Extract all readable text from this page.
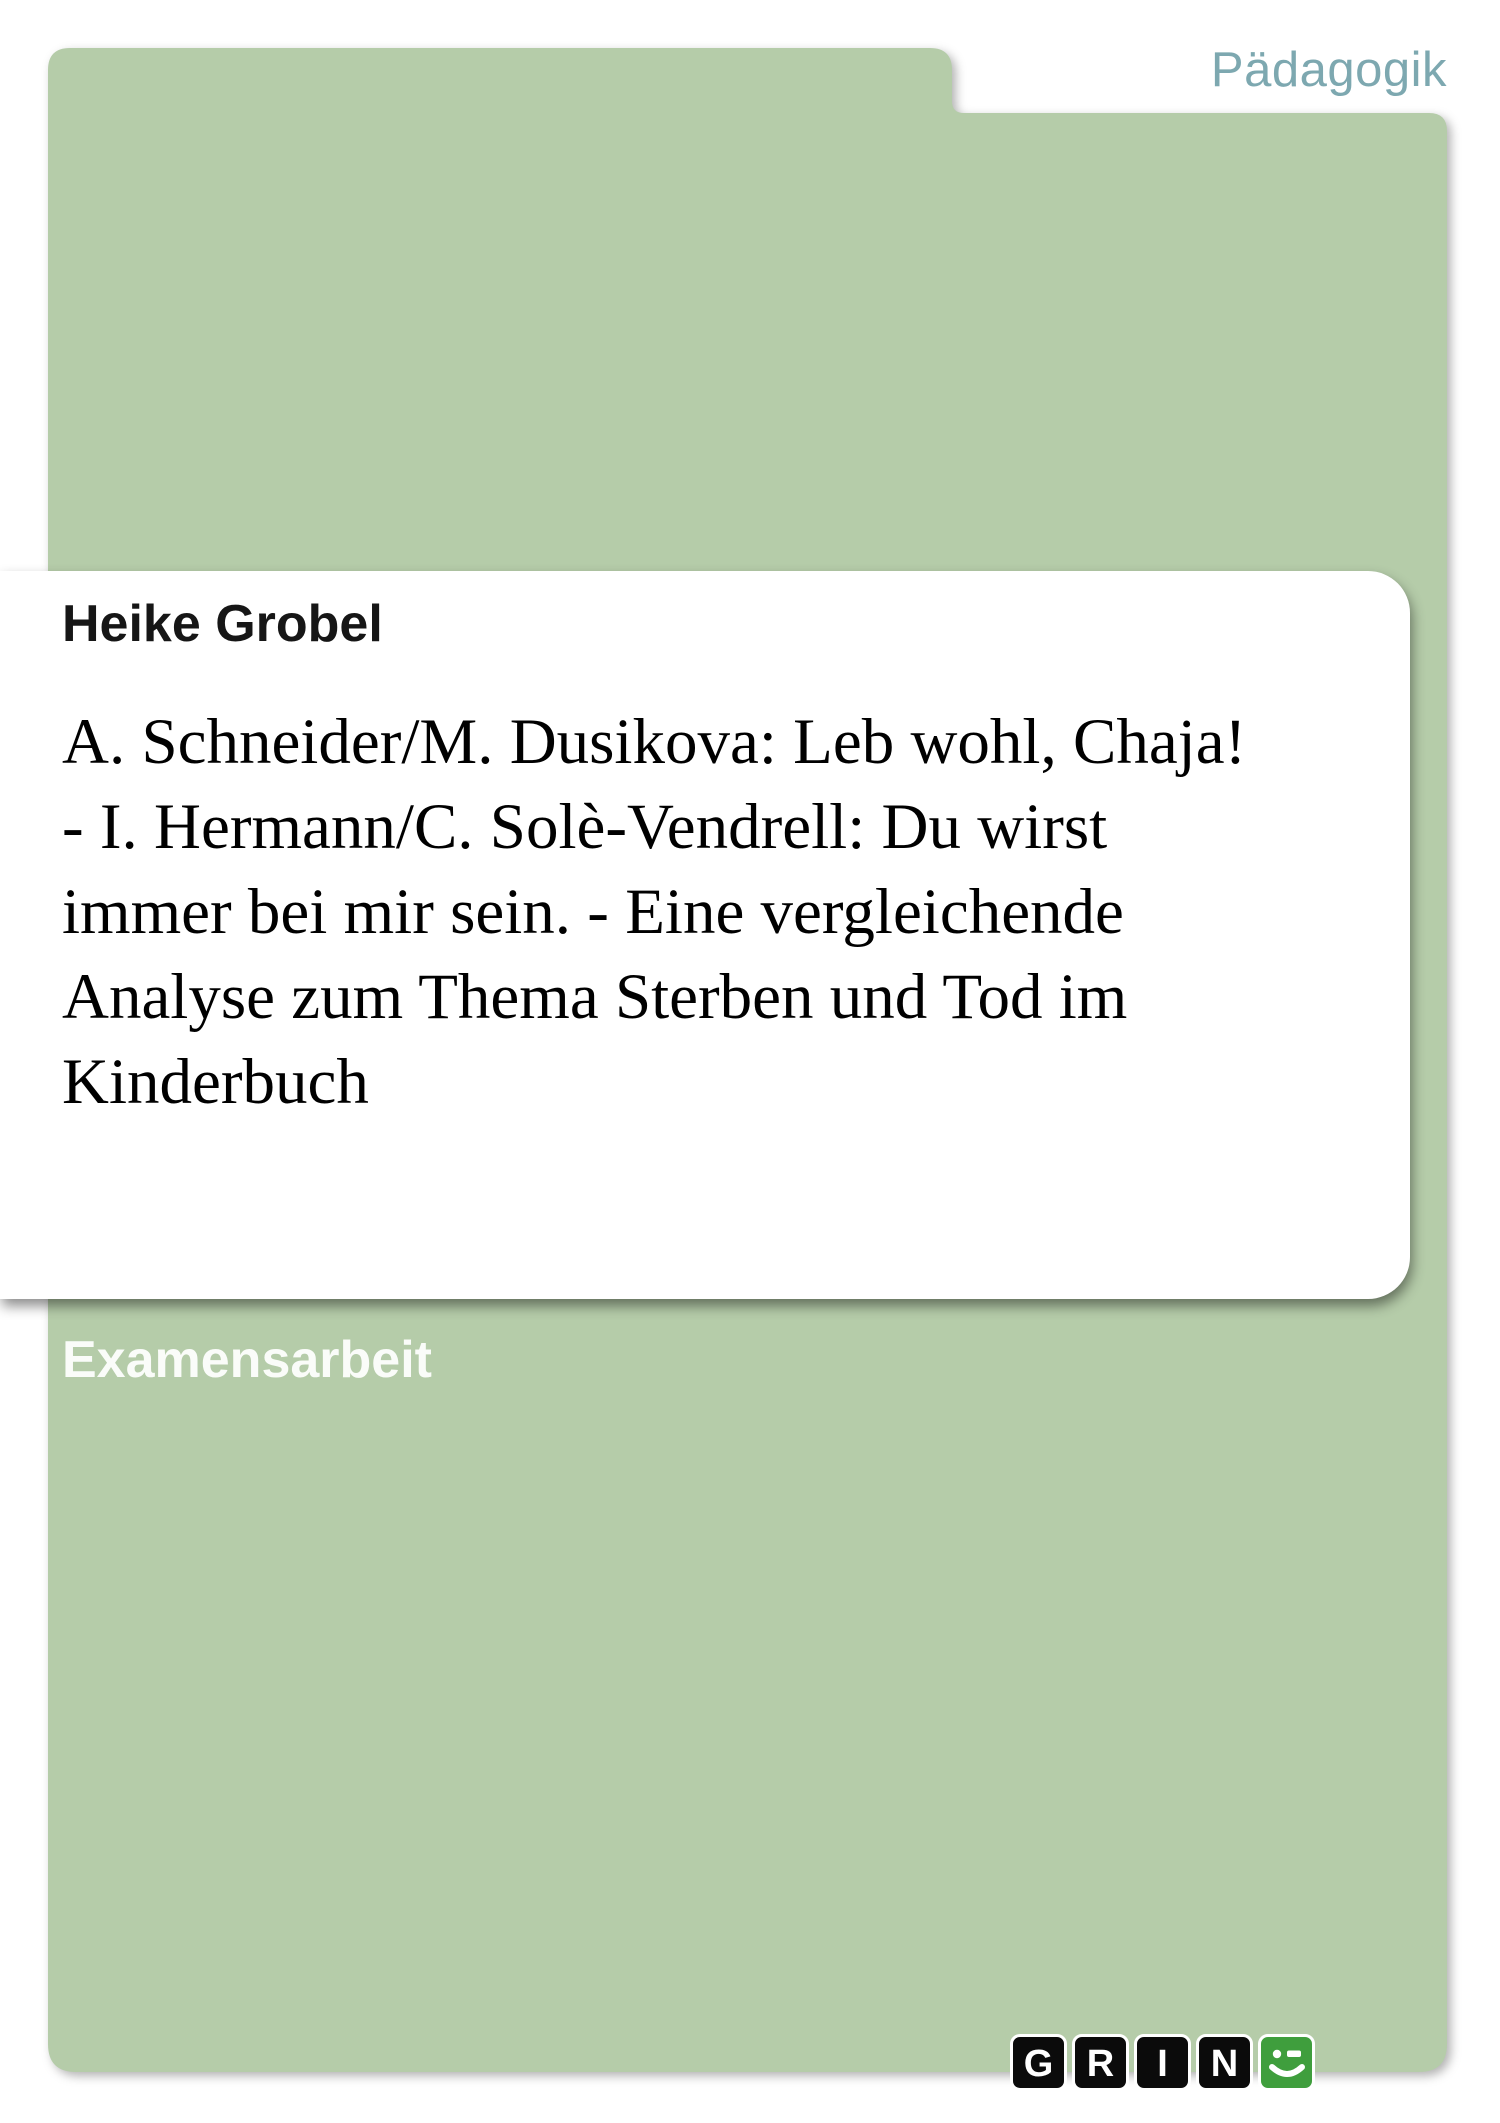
Pädagogik
Heike Grobel
A. Schneider/M. Dusikova: Leb wohl, Chaja!
- I. Hermann/C. Solè-Vendrell: Du wirst
immer bei mir sein. - Eine vergleichende
Analyse zum Thema Sterben und Tod im
Kinderbuch
Examensarbeit
G R I N
